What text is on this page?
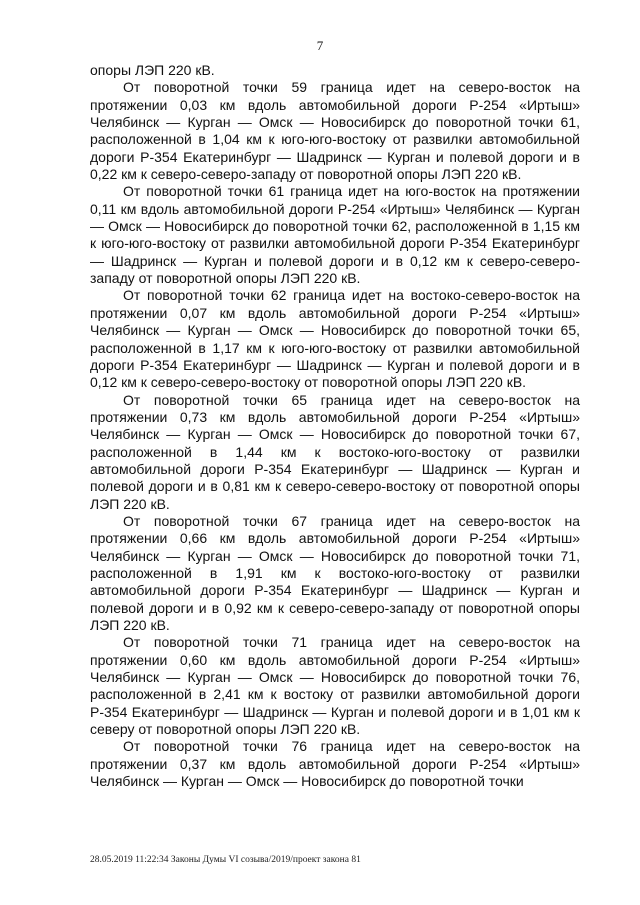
7

опоры ЛЭП 220 кВ.

От поворотной точки 59 граница идет на северо-восток на протяжении 0,03 км вдоль автомобильной дороги Р-254 «Иртыш» Челябинск — Курган — Омск — Новосибирск до поворотной точки 61, расположенной в 1,04 км к юго-юго-востоку от развилки автомобильной дороги Р-354 Екатеринбург — Шадринск — Курган и полевой дороги и в 0,22 км к северо-северо-западу от поворотной опоры ЛЭП 220 кВ.

От поворотной точки 61 граница идет на юго-восток на протяжении 0,11 км вдоль автомобильной дороги Р-254 «Иртыш» Челябинск — Курган — Омск — Новосибирск до поворотной точки 62, расположенной в 1,15 км к юго-юго-востоку от развилки автомобильной дороги Р-354 Екатеринбург — Шадринск — Курган и полевой дороги и в 0,12 км к северо-северо-западу от поворотной опоры ЛЭП 220 кВ.

От поворотной точки 62 граница идет на востоко-северо-восток на протяжении 0,07 км вдоль автомобильной дороги Р-254 «Иртыш» Челябинск — Курган — Омск — Новосибирск до поворотной точки 65, расположенной в 1,17 км к юго-юго-востоку от развилки автомобильной дороги Р-354 Екатеринбург — Шадринск — Курган и полевой дороги и в 0,12 км к северо-северо-востоку от поворотной опоры ЛЭП 220 кВ.

От поворотной точки 65 граница идет на северо-восток на протяжении 0,73 км вдоль автомобильной дороги Р-254 «Иртыш» Челябинск — Курган — Омск — Новосибирск до поворотной точки 67, расположенной в 1,44 км к востоко-юго-востоку от развилки автомобильной дороги Р-354 Екатеринбург — Шадринск — Курган и полевой дороги и в 0,81 км к северо-северо-востоку от поворотной опоры ЛЭП 220 кВ.

От поворотной точки 67 граница идет на северо-восток на протяжении 0,66 км вдоль автомобильной дороги Р-254 «Иртыш» Челябинск — Курган — Омск — Новосибирск до поворотной точки 71, расположенной в 1,91 км к востоко-юго-востоку от развилки автомобильной дороги Р-354 Екатеринбург — Шадринск — Курган и полевой дороги и в 0,92 км к северо-северо-западу от поворотной опоры ЛЭП 220 кВ.

От поворотной точки 71 граница идет на северо-восток на протяжении 0,60 км вдоль автомобильной дороги Р-254 «Иртыш» Челябинск — Курган — Омск — Новосибирск до поворотной точки 76, расположенной в 2,41 км к востоку от развилки автомобильной дороги Р-354 Екатеринбург — Шадринск — Курган и полевой дороги и в 1,01 км к северу от поворотной опоры ЛЭП 220 кВ.

От поворотной точки 76 граница идет на северо-восток на протяжении 0,37 км вдоль автомобильной дороги Р-254 «Иртыш» Челябинск — Курган — Омск — Новосибирск до поворотной точки

28.05.2019 11:22:34 Законы Думы VI созыва/2019/проект закона 81
